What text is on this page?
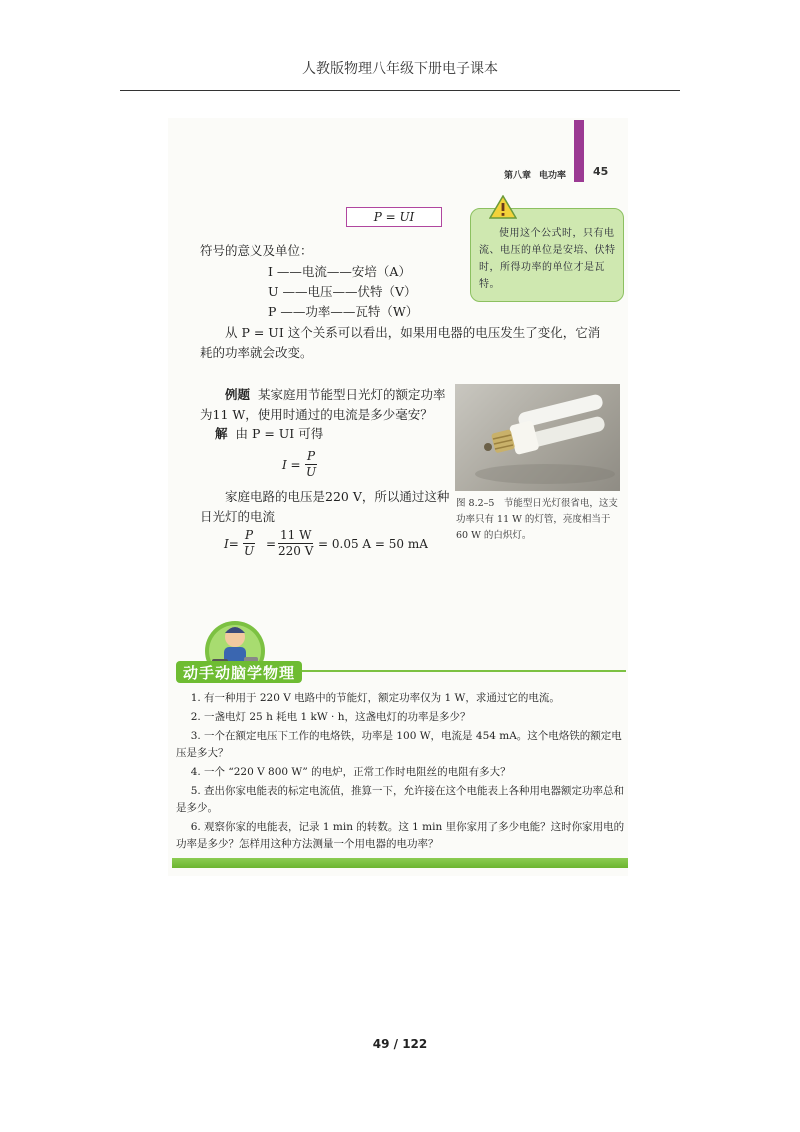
人教版物理八年级下册电子课本
第八章 电功率 45
P = UI
使用这个公式时，只有电流、电压的单位是安培、伏特时，所得功率的单位才是瓦特。
符号的意义及单位：
I ——电流——安培（A）
U ——电压——伏特（V）
P ——功率——瓦特（W）
从 P = UI 这个关系可以看出，如果用电器的电压发生了变化，它消耗的功率就会改变。
例题 某家庭用节能型日光灯的额定功率为11 W，使用时通过的电流是多少毫安？
解 由 P = UI 可得
$I = \frac{P}{U}$
家庭电路的电压是220 V，所以通过这种日光灯的电流
$I= \frac{P}{U} = \frac{11 W}{220 V} = 0.05$ A = 50 mA
图 8.2–5　节能型日光灯很省电，这支功率只有 11 W 的灯管，亮度相当于 60 W 的白炽灯。
动手动脑学物理
1. 有一种用于 220 V 电路中的节能灯，额定功率仅为 1 W，求通过它的电流。
2. 一盏电灯 25 h 耗电 1 kW · h，这盏电灯的功率是多少？
3. 一个在额定电压下工作的电烙铁，功率是 100 W，电流是 454 mA。这个电烙铁的额定电压是多大？
4. 一个 “220 V 800 W” 的电炉，正常工作时电阻丝的电阻有多大？
5. 查出你家电能表的标定电流值，推算一下，允许接在这个电能表上各种用电器额定功率总和是多少。
6. 观察你家的电能表，记录 1 min 的转数。这 1 min 里你家用了多少电能？这时你家用电的功率是多少？怎样用这种方法测量一个用电器的电功率？
49 / 122
